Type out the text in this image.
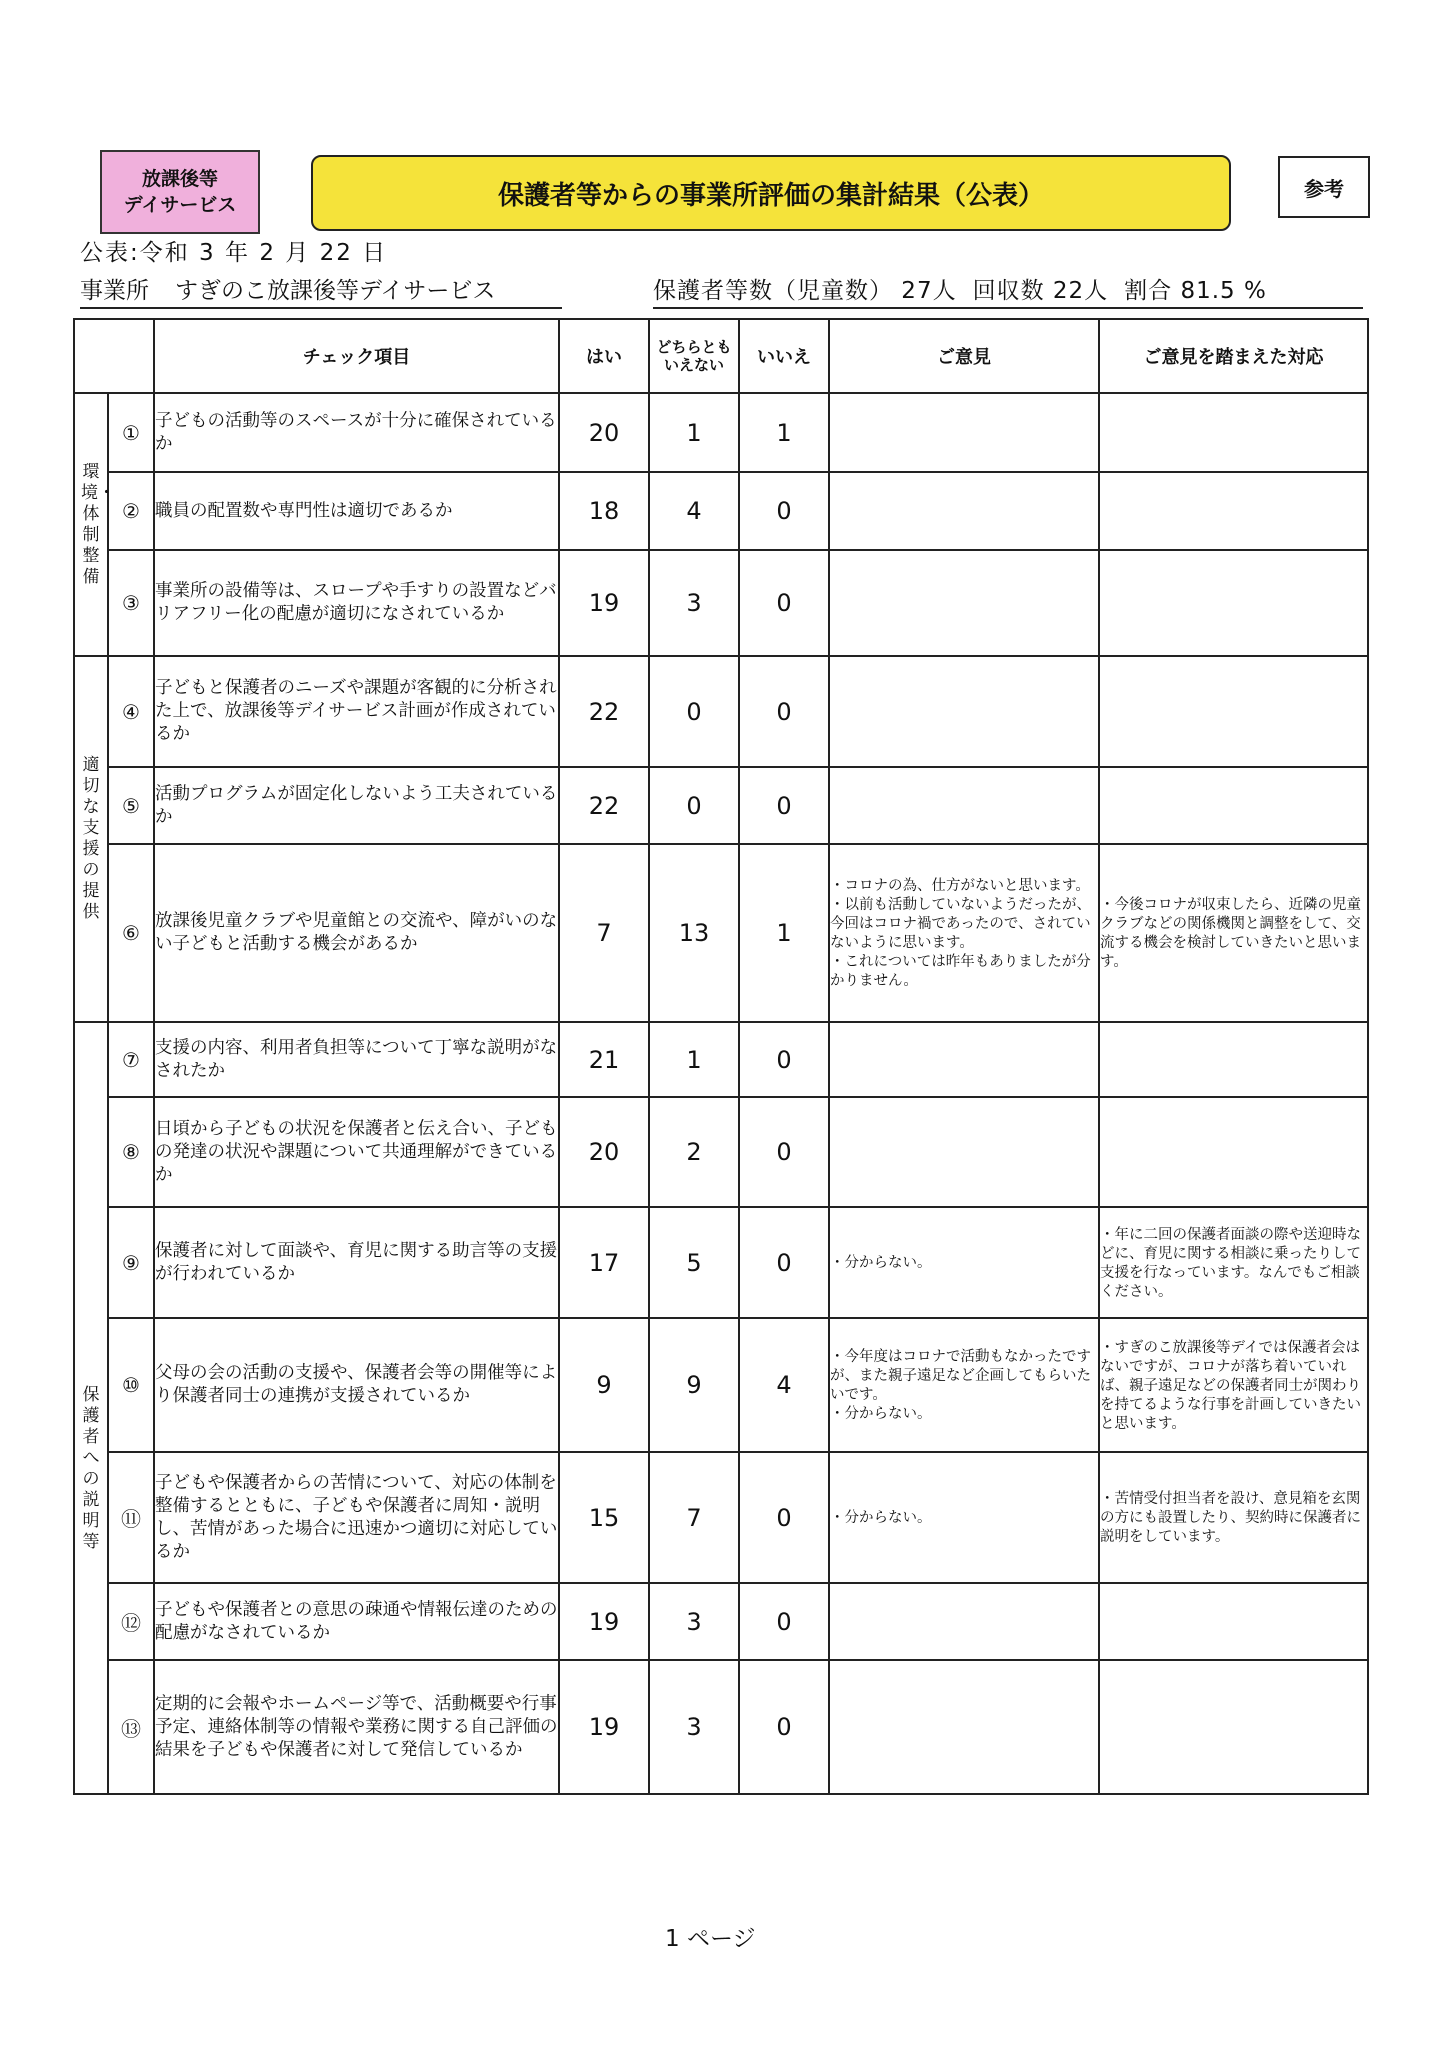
放課後等
デイサービス	保護者等からの事業所評価の集計結果（公表）	参考
公表:令和 3 年 2 月 22 日
事業所 すぎのこ放課後等デイサービス	保護者等数（児童数） 27人 回収数 22人 割合 81.5 %
		チェック項目	はい	どちらとも いえない	いいえ	ご意見	ご意見を踏まえた対応
環境・体制整備	①	子どもの活動等のスペースが十分に確保されているか	20	1	1	

	②	職員の配置数や専門性は適切であるか	18	4	0	

	③	事業所の設備等は、スロープや手すりの設置などバリアフリー化の配慮が適切になされているか	19	3	0	

適切な支援の提供	④	子どもと保護者のニーズや課題が客観的に分析された上で、放課後等デイサービス計画が作成されているか	22	0	0	

	⑤	活動プログラムが固定化しないよう工夫されているか	22	0	0	

	⑥	放課後児童クラブや児童館との交流や、障がいのない子どもと活動する機会があるか	7	13	1	・コロナの為、仕方がないと思います。
・以前も活動していないようだったが、今回はコロナ禍であったので、されていないように思います。
・これについては昨年もありましたが分かりません。	・今後コロナが収束したら、近隣の児童クラブなどの関係機関と調整をして、交流する機会を検討していきたいと思います。

保護者への説明等	⑦	支援の内容、利用者負担等について丁寧な説明がなされたか	21	1	0	

	⑧	日頃から子どもの状況を保護者と伝え合い、子どもの発達の状況や課題について共通理解ができているか	20	2	0	

	⑨	保護者に対して面談や、育児に関する助言等の支援が行われているか	17	5	0	・分からない。	・年に二回の保護者面談の際や送迎時などに、育児に関する相談に乗ったりして支援を行なっています。なんでもご相談ください。

	⑩	父母の会の活動の支援や、保護者会等の開催等により保護者同士の連携が支援されているか	9	9	4	・今年度はコロナで活動もなかったですが、また親子遠足など企画してもらいたいです。
・分からない。	・すぎのこ放課後等デイでは保護者会はないですが、コロナが落ち着いていれば、親子遠足などの保護者同士が関わりを持てるような行事を計画していきたいと思います。

	⑪	子どもや保護者からの苦情について、対応の体制を整備するとともに、子どもや保護者に周知・説明し、苦情があった場合に迅速かつ適切に対応しているか	15	7	0	・分からない。	・苦情受付担当者を設け、意見箱を玄関の方にも設置したり、契約時に保護者に説明をしています。

	⑫	子どもや保護者との意思の疎通や情報伝達のための配慮がなされているか	19	3	0	

	⑬	定期的に会報やホームページ等で、活動概要や行事予定、連絡体制等の情報や業務に関する自己評価の結果を子どもや保護者に対して発信しているか	19	3	0	

1 ページ
